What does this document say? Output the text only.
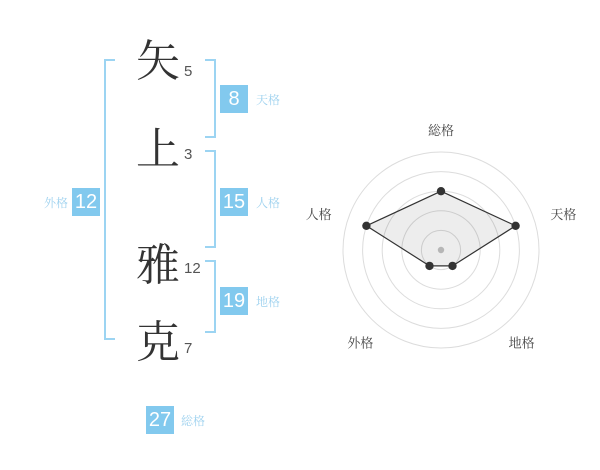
矢
上
雅
克
5
3
12
7
8	天格
15 人格
19 地格
外格 12
27 総格
総格
天格
地格
外格
人格
